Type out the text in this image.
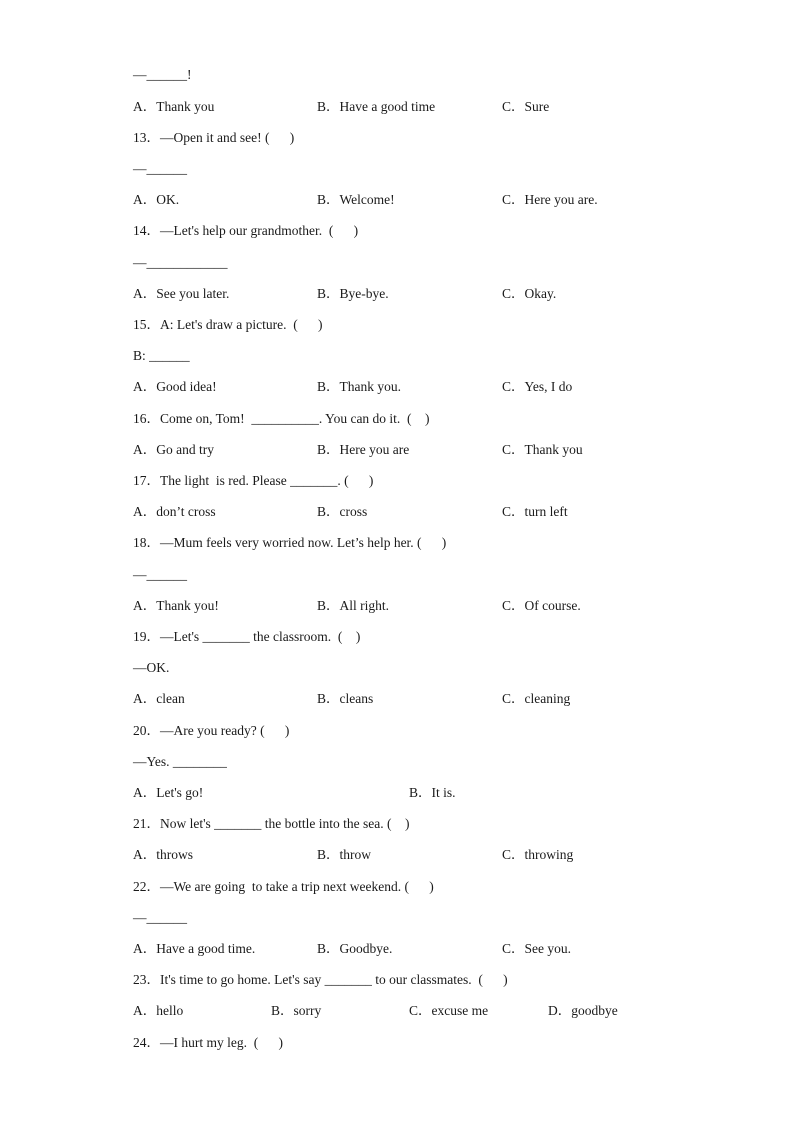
—______!
A．Thank you	B．Have a good time	C．Sure
13．—Open it and see! (      )
—______
A．OK.	B．Welcome!	C．Here you are.
14．—Let's help our grandmother.  (      )
—____________
A．See you later.	B．Bye-bye.	C．Okay.
15．A: Let's draw a picture.  (      )
B: ______
A．Good idea!	B．Thank you.	C．Yes, I do
16．Come on, Tom!  __________. You can do it.  (    )
A．Go and try	B．Here you are	C．Thank you
17．The light  is red. Please _______. (      )
A．don’t cross	B．cross	C．turn left
18．—Mum feels very worried now. Let’s help her. (      )
—______
A．Thank you!	B．All right.	C．Of course.
19．—Let's _______ the classroom.  (    )
—OK.
A．clean	B．cleans	C．cleaning
20．—Are you ready? (      )
—Yes. ________
A．Let's go!	B．It is.
21．Now let's _______ the bottle into the sea. (    )
A．throws	B．throw	C．throwing
22．—We are going  to take a trip next weekend. (      )
—______
A．Have a good time.	B．Goodbye.	C．See you.
23．It's time to go home. Let's say _______ to our classmates.  (      )
A．hello	B．sorry	C．excuse me	D．goodbye
24．—I hurt my leg.  (      )
